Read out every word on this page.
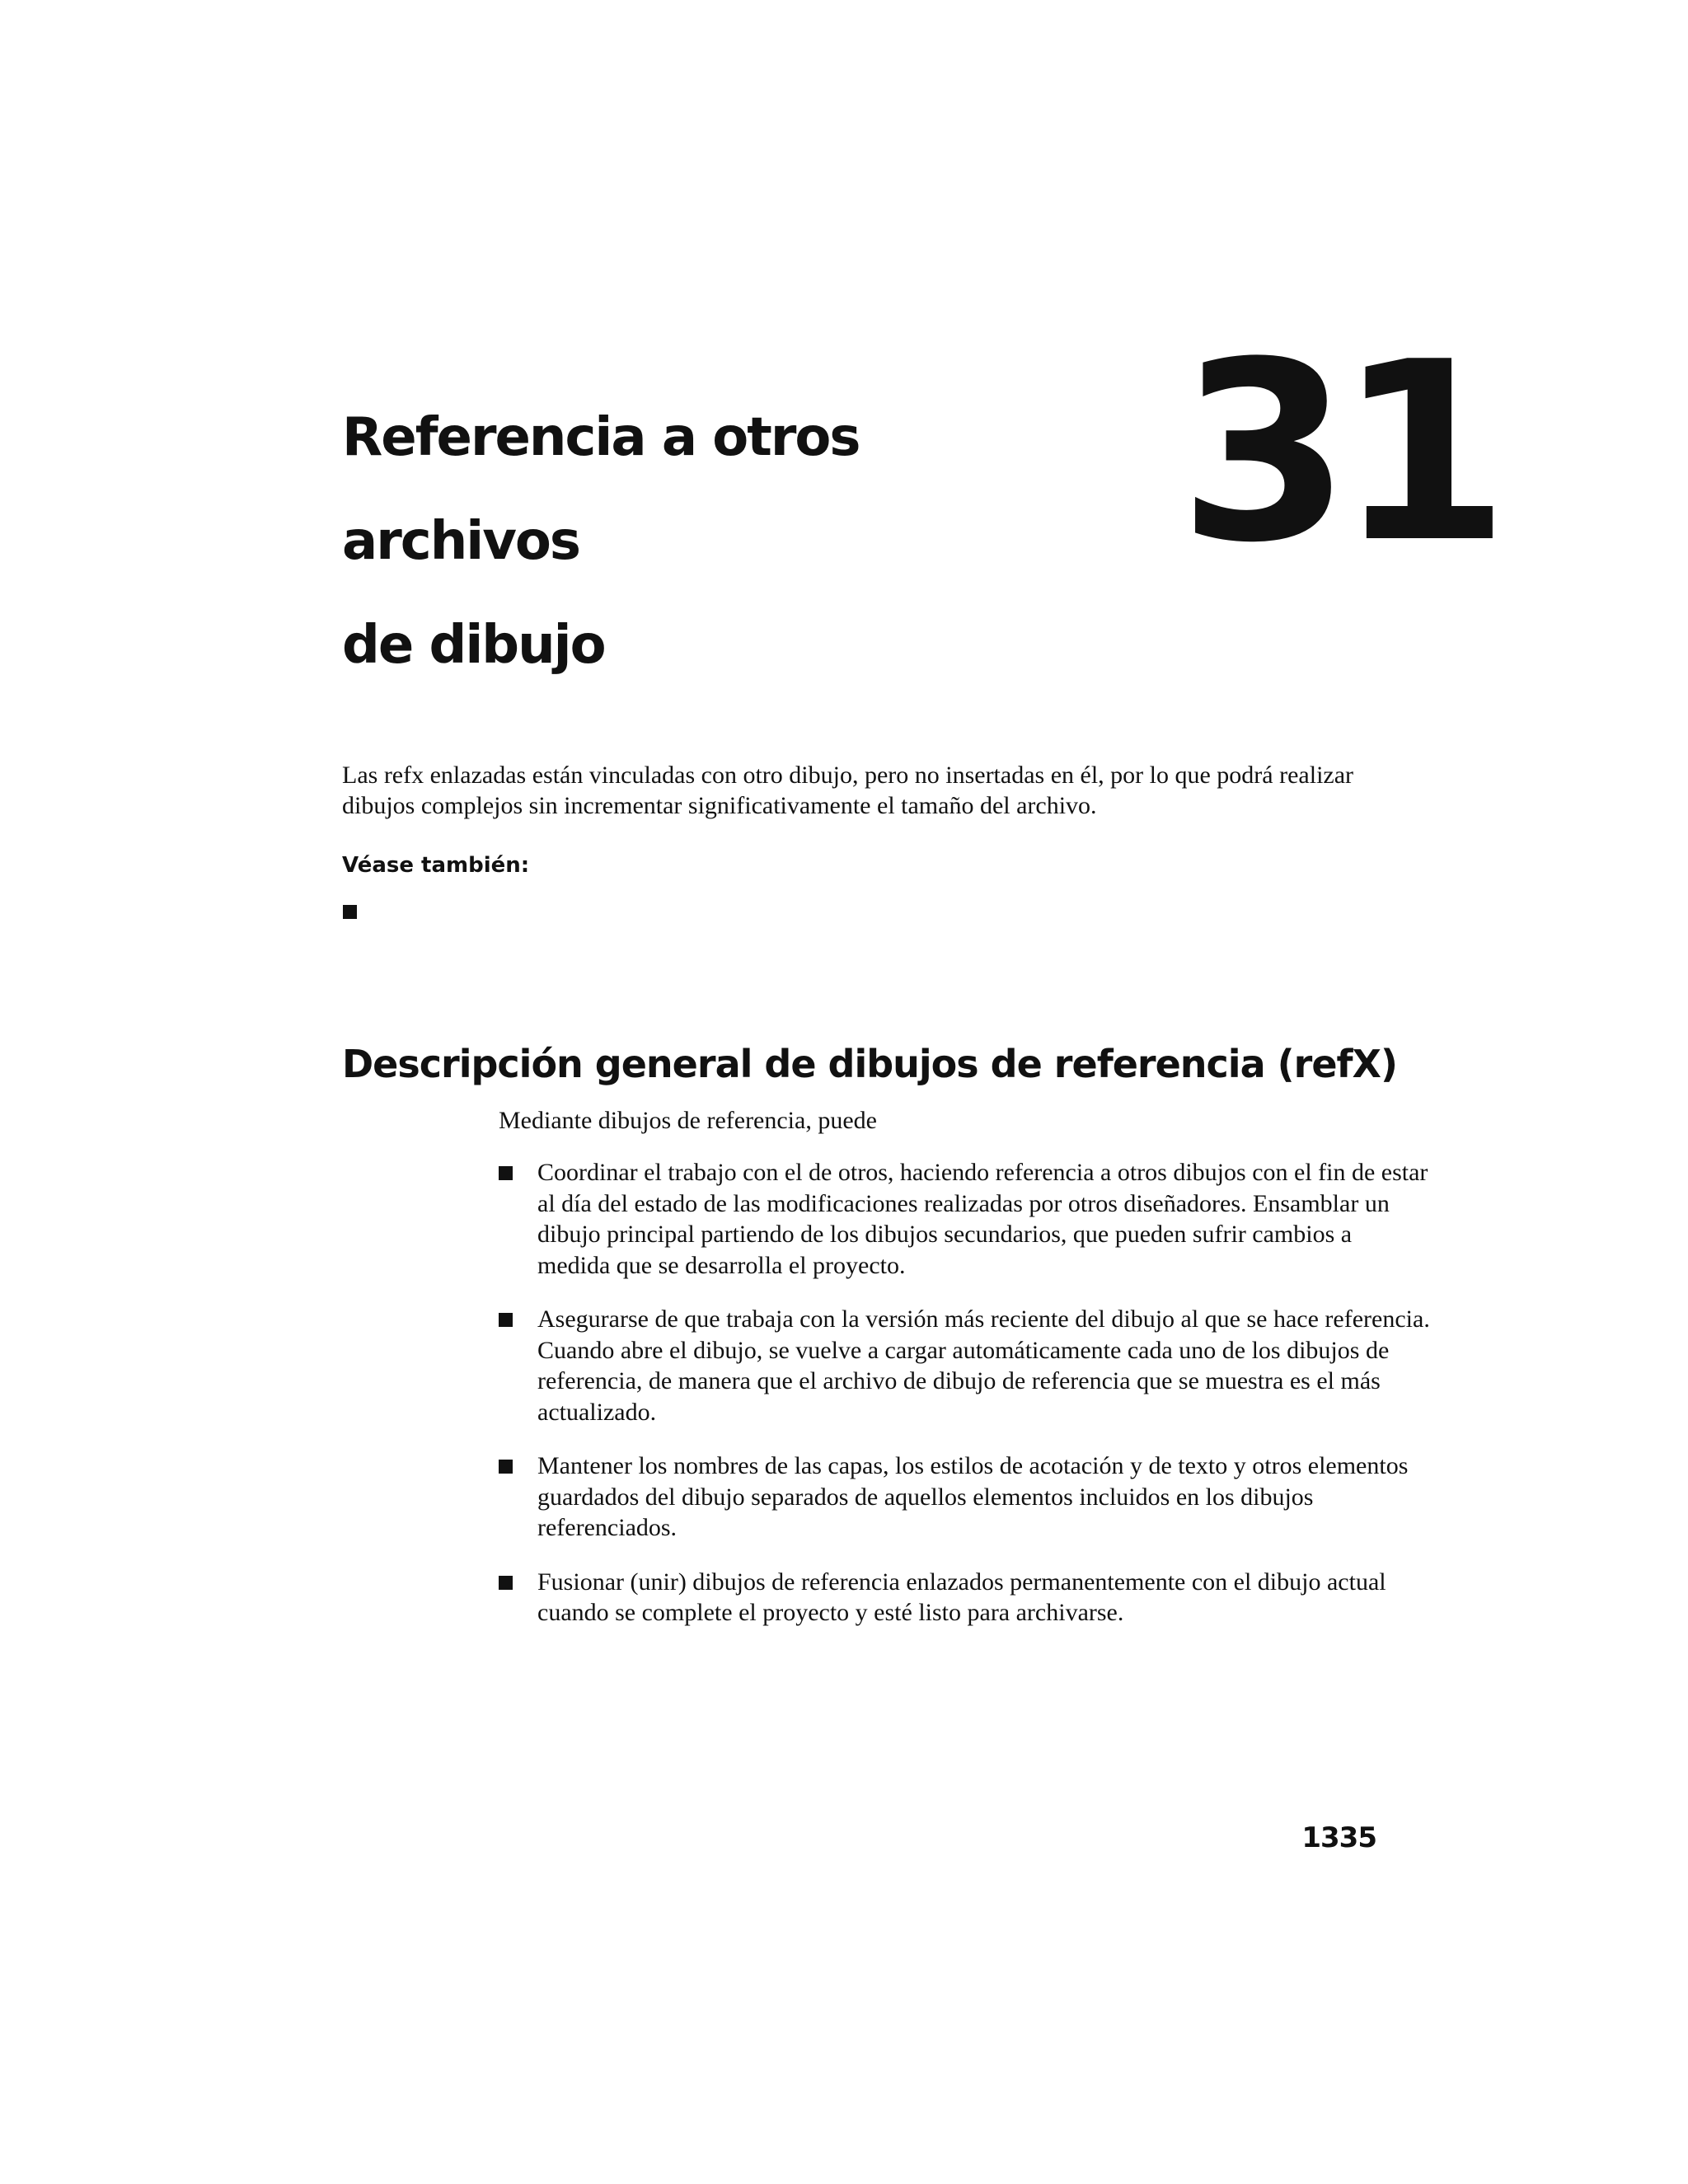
Referencia a otros archivos
de dibujo
31

Las refx enlazadas están vinculadas con otro dibujo, pero no insertadas en él, por lo que podrá realizar dibujos complejos sin incrementar significativamente el tamaño del archivo.

Véase también:

Descripción general de dibujos de referencia (refX)

Mediante dibujos de referencia, puede

Coordinar el trabajo con el de otros, haciendo referencia a otros dibujos con el fin de estar al día del estado de las modificaciones realizadas por otros diseñadores. Ensamblar un dibujo principal partiendo de los dibujos secundarios, que pueden sufrir cambios a medida que se desarrolla el proyecto.
Asegurarse de que trabaja con la versión más reciente del dibujo al que se hace referencia. Cuando abre el dibujo, se vuelve a cargar automáticamente cada uno de los dibujos de referencia, de manera que el archivo de dibujo de referencia que se muestra es el más actualizado.
Mantener los nombres de las capas, los estilos de acotación y de texto y otros elementos guardados del dibujo separados de aquellos elementos incluidos en los dibujos referenciados.
Fusionar (unir) dibujos de referencia enlazados permanentemente con el dibujo actual cuando se complete el proyecto y esté listo para archivarse.
1335
